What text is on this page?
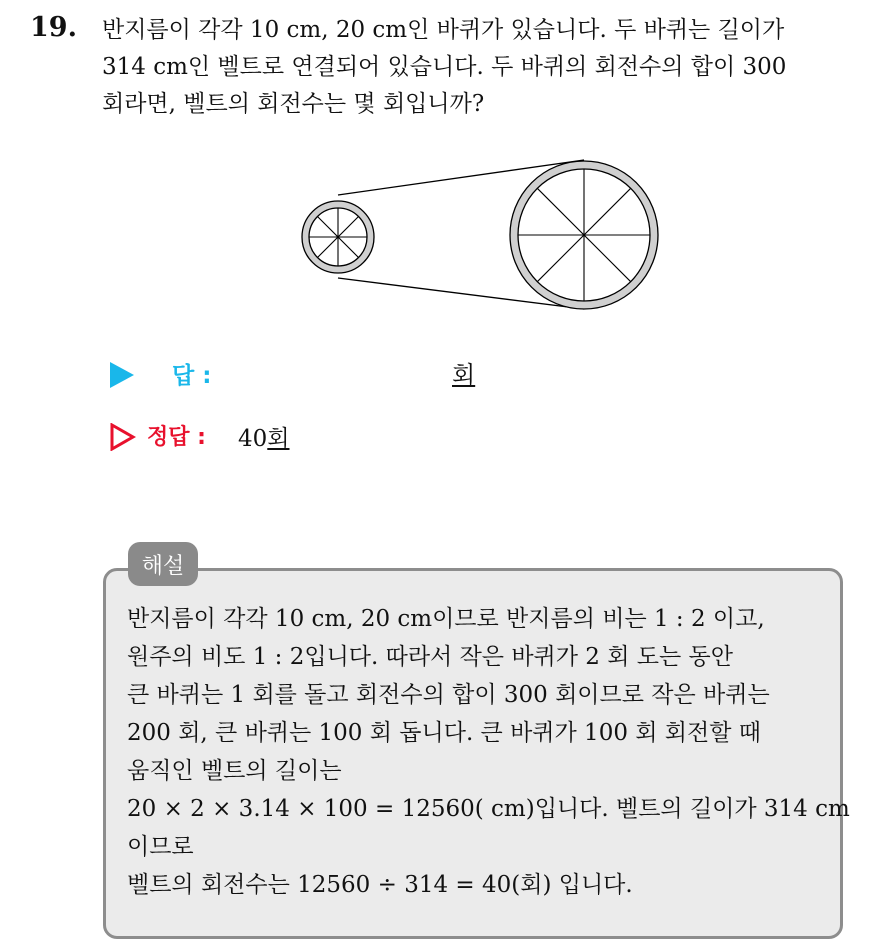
19. 반지름이 각각 10 cm, 20 cm인 바퀴가 있습니다. 두 바퀴는 길이가
314 cm인 벨트로 연결되어 있습니다. 두 바퀴의 회전수의 합이 300
회라면, 벨트의 회전수는 몇 회입니까?
답 :	회
정답 : 40회
해설
반지름이 각각 10 cm, 20 cm이므로 반지름의 비는 1 : 2 이고,
원주의 비도 1 : 2입니다. 따라서 작은 바퀴가 2 회 도는 동안
큰 바퀴는 1 회를 돌고 회전수의 합이 300 회이므로 작은 바퀴는
200 회, 큰 바퀴는 100 회 돕니다. 큰 바퀴가 100 회 회전할 때
움직인 벨트의 길이는
20 × 2 × 3.14 × 100 = 12560( cm)입니다. 벨트의 길이가 314 cm
이므로
벨트의 회전수는 12560 ÷ 314 = 40(회) 입니다.
